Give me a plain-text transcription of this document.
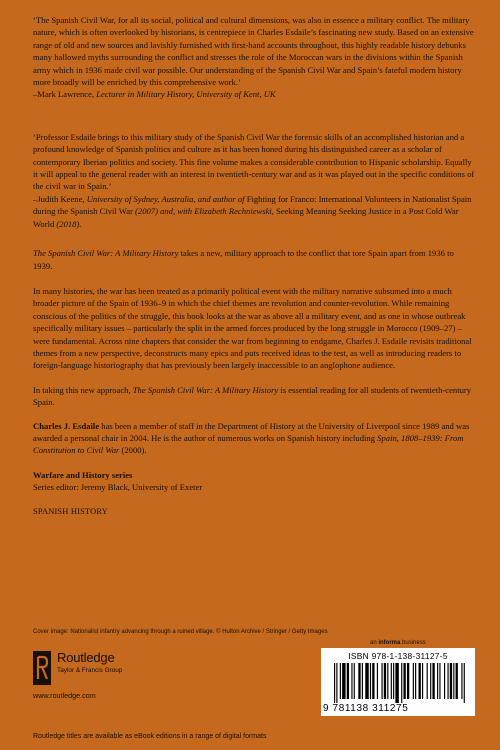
‘The Spanish Civil War, for all its social, political and cultural dimensions, was also in essence a military conflict. The military nature, which is often overlooked by historians, is centrepiece in Charles Esdaile’s fascinating new study. Based on an extensive range of old and new sources and lavishly furnished with first-hand accounts throughout, this highly readable history debunks many hallowed myths surrounding the conflict and stresses the role of the Moroccan wars in the divisions within the Spanish army which in 1936 made civil war possible. Our understanding of the Spanish Civil War and Spain’s fateful modern history more broadly will be enriched by this comprehensive work.’
–Mark Lawrence, Lecturer in Military History, University of Kent, UK

‘Professor Esdaile brings to this military study of the Spanish Civil War the forensic skills of an accomplished historian and a profound knowledge of Spanish politics and culture as it has been honed during his distinguished career as a scholar of contemporary Iberian politics and society. This fine volume makes a considerable contribution to Hispanic scholarship. Equally it will appeal to the general reader with an interest in twentieth-century war and as it was played out in the specific conditions of the civil war in Spain.’
–Judith Keene, University of Sydney, Australia, and author of Fighting for Franco: International Volunteers in Nationalist Spain during the Spanish Civil War (2007) and, with Elizabeth Rechniewski, Seeking Meaning Seeking Justice in a Post Cold War World (2018).

The Spanish Civil War: A Military History takes a new, military approach to the conflict that tore Spain apart from 1936 to 1939.

In many histories, the war has been treated as a primarily political event with the military narrative subsumed into a much broader picture of the Spain of 1936–9 in which the chief themes are revolution and counter-revolution. While remaining conscious of the politics of the struggle, this book looks at the war as above all a military event, and as one in whose outbreak specifically military issues – particularly the split in the armed forces produced by the long struggle in Morocco (1909–27) – were fundamental. Across nine chapters that consider the war from beginning to endgame, Charles J. Esdaile revisits traditional themes from a new perspective, deconstructs many epics and puts received ideas to the test, as well as introducing readers to foreign-language historiography that has previously been largely inaccessible to an anglophone audience.

In taking this new approach, The Spanish Civil War: A Military History is essential reading for all students of twentieth-century Spain.

Charles J. Esdaile has been a member of staff in the Department of History at the University of Liverpool since 1989 and was awarded a personal chair in 2004. He is the author of numerous works on Spanish history including Spain, 1808–1939: From Constitution to Civil War (2000).

Warfare and History series
Series editor: Jeremy Black, University of Exeter

SPANISH HISTORY

Cover image: Nationalist infantry advancing through a ruined village. © Hulton Archive / Stringer / Getty Images
Routledge
Taylor & Francis Group
www.routledge.com
an informa business
ISBN 978-1-138-31127-5
9 781138 311275
Routledge titles are available as eBook editions in a range of digital formats
